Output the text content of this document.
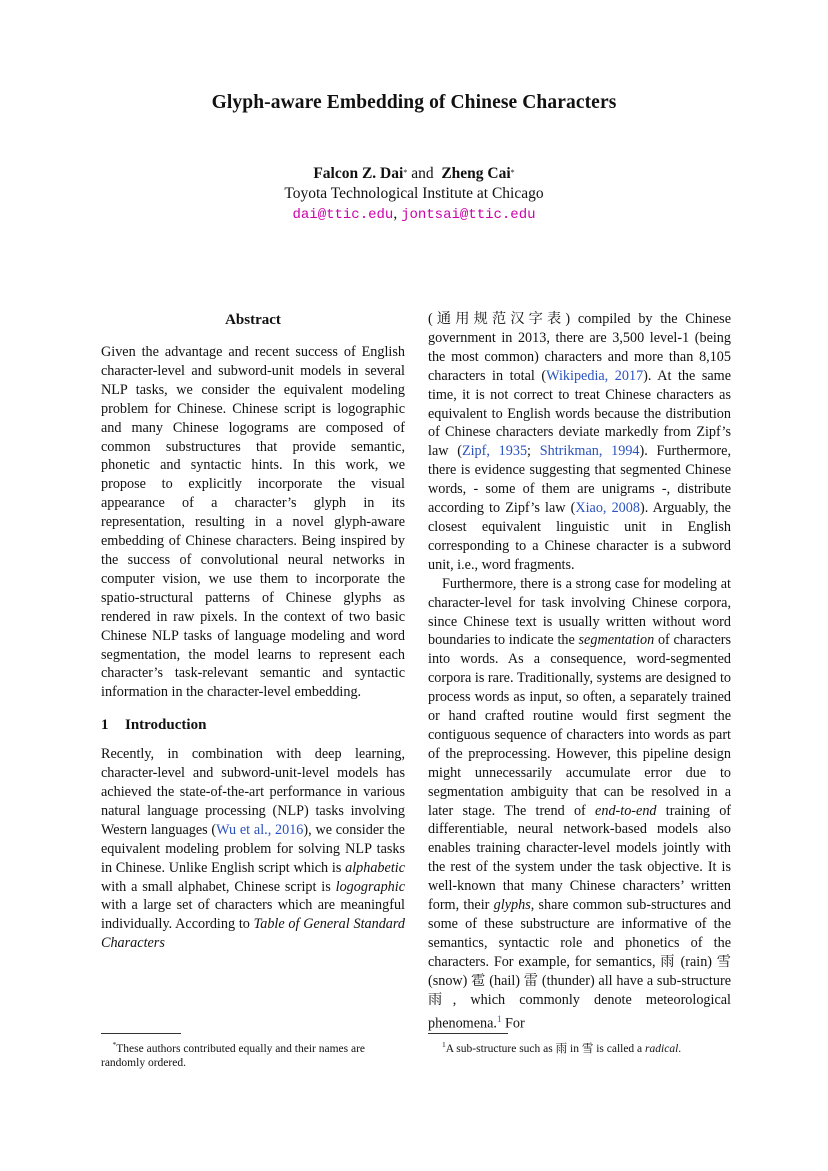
Glyph-aware Embedding of Chinese Characters
Falcon Z. Dai* and Zheng Cai*
Toyota Technological Institute at Chicago
dai@ttic.edu, jontsai@ttic.edu
Abstract

Given the advantage and recent success of English character-level and subword-unit models in several NLP tasks, we consider the equivalent modeling problem for Chinese. Chinese script is logographic and many Chinese logograms are composed of common substructures that provide semantic, phonetic and syntactic hints. In this work, we propose to explicitly incorporate the visual appearance of a character’s glyph in its representation, resulting in a novel glyph-aware embedding of Chinese characters. Being inspired by the success of convolutional neural networks in computer vision, we use them to incorporate the spatio-structural patterns of Chinese glyphs as rendered in raw pixels. In the context of two basic Chinese NLP tasks of language modeling and word segmentation, the model learns to represent each character’s task-relevant semantic and syntactic information in the character-level embedding.

1 Introduction

Recently, in combination with deep learning, character-level and subword-unit-level models has achieved the state-of-the-art performance in various natural language processing (NLP) tasks involving Western languages (Wu et al., 2016), we consider the equivalent modeling problem for solving NLP tasks in Chinese. Unlike English script which is alphabetic with a small alphabet, Chinese script is logographic with a large set of characters which are meaningful individually. According to Table of General Standard Characters

(通用规范汉字表) compiled by the Chinese government in 2013, there are 3,500 level-1 (being the most common) characters and more than 8,105 characters in total (Wikipedia, 2017). At the same time, it is not correct to treat Chinese characters as equivalent to English words because the distribution of Chinese characters deviate markedly from Zipf’s law (Zipf, 1935; Shtrikman, 1994). Furthermore, there is evidence suggesting that segmented Chinese words, - some of them are unigrams -, distribute according to Zipf’s law (Xiao, 2008). Arguably, the closest equivalent linguistic unit in English corresponding to a Chinese character is a subword unit, i.e., word fragments.

Furthermore, there is a strong case for modeling at character-level for task involving Chinese corpora, since Chinese text is usually written without word boundaries to indicate the segmentation of characters into words. As a consequence, word-segmented corpora is rare. Traditionally, systems are designed to process words as input, so often, a separately trained or hand crafted routine would first segment the contiguous sequence of characters into words as part of the preprocessing. However, this pipeline design might unnecessarily accumulate error due to segmentation ambiguity that can be resolved in a later stage. The trend of end-to-end training of differentiable, neural network-based models also enables training character-level models jointly with the rest of the system under the task objective. It is well-known that many Chinese characters’ written form, their glyphs, share common sub-structures and some of these substructure are informative of the semantics, syntactic role and phonetics of the characters. For example, for semantics, 雨 (rain) 雪 (snow) 雹 (hail) 雷 (thunder) all have a sub-structure 雨, which commonly denote meteorological phenomena.$^1$ For

*These authors contributed equally and their names are randomly ordered.
$^1$A sub-structure such as 雨 in 雪 is called a radical.
